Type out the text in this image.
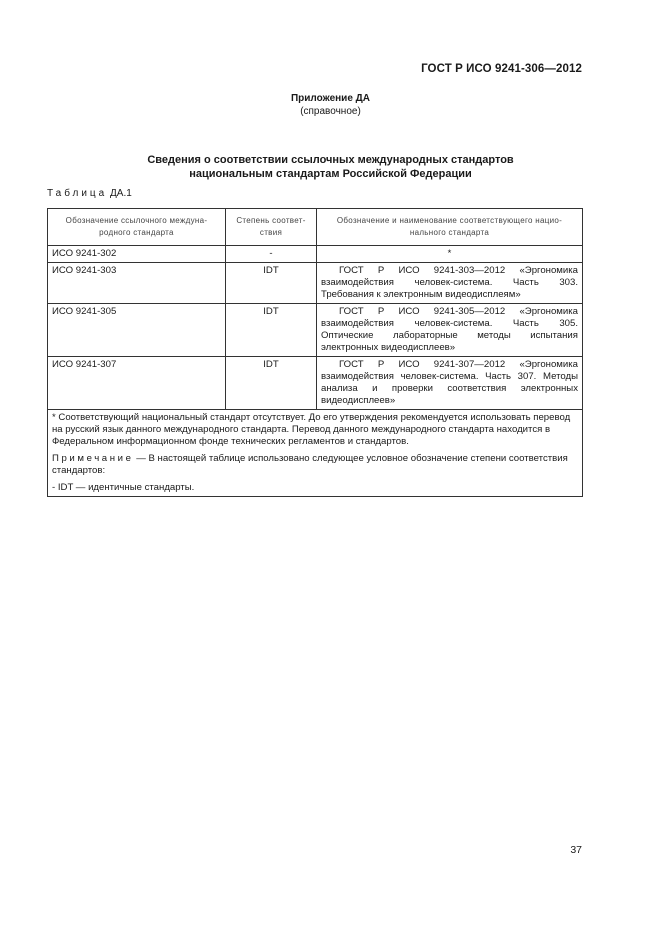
ГОСТ Р ИСО 9241-306—2012
Приложение ДА
(справочное)
Сведения о соответствии ссылочных международных стандартов
национальным стандартам Российской Федерации
Таблица ДА.1
Обозначение ссылочного междуна-родного стандарта	Степень соответ-ствия	Обозначение и наименование соответствующего нацио-нального стандарта
ИСО 9241-302	-	*
ИСО 9241-303	IDT	ГОСТ Р ИСО 9241-303—2012 «Эргономика взаимодействия человек-система. Часть 303. Требования к электронным видеодисплеям»
ИСО 9241-305	IDT	ГОСТ Р ИСО 9241-305—2012 «Эргономика взаимодействия человек-система. Часть 305. Оптические лабораторные методы испытания электронных видеодисплеев»
ИСО 9241-307	IDT	ГОСТ Р ИСО 9241-307—2012 «Эргономика взаимодействия человек-система. Часть 307. Методы анализа и проверки соответствия электронных видеодисплеев»

* Соответствующий национальный стандарт отсутствует. До его утверждения рекомендуется использовать перевод на русский язык данного международного стандарта. Перевод данного международного стандарта находится в Федеральном информационном фонде технических регламентов и стандартов.

Примечание — В настоящей таблице использовано следующее условное обозначение степени соответствия стандартов:

- IDT — идентичные стандарты.		

37
